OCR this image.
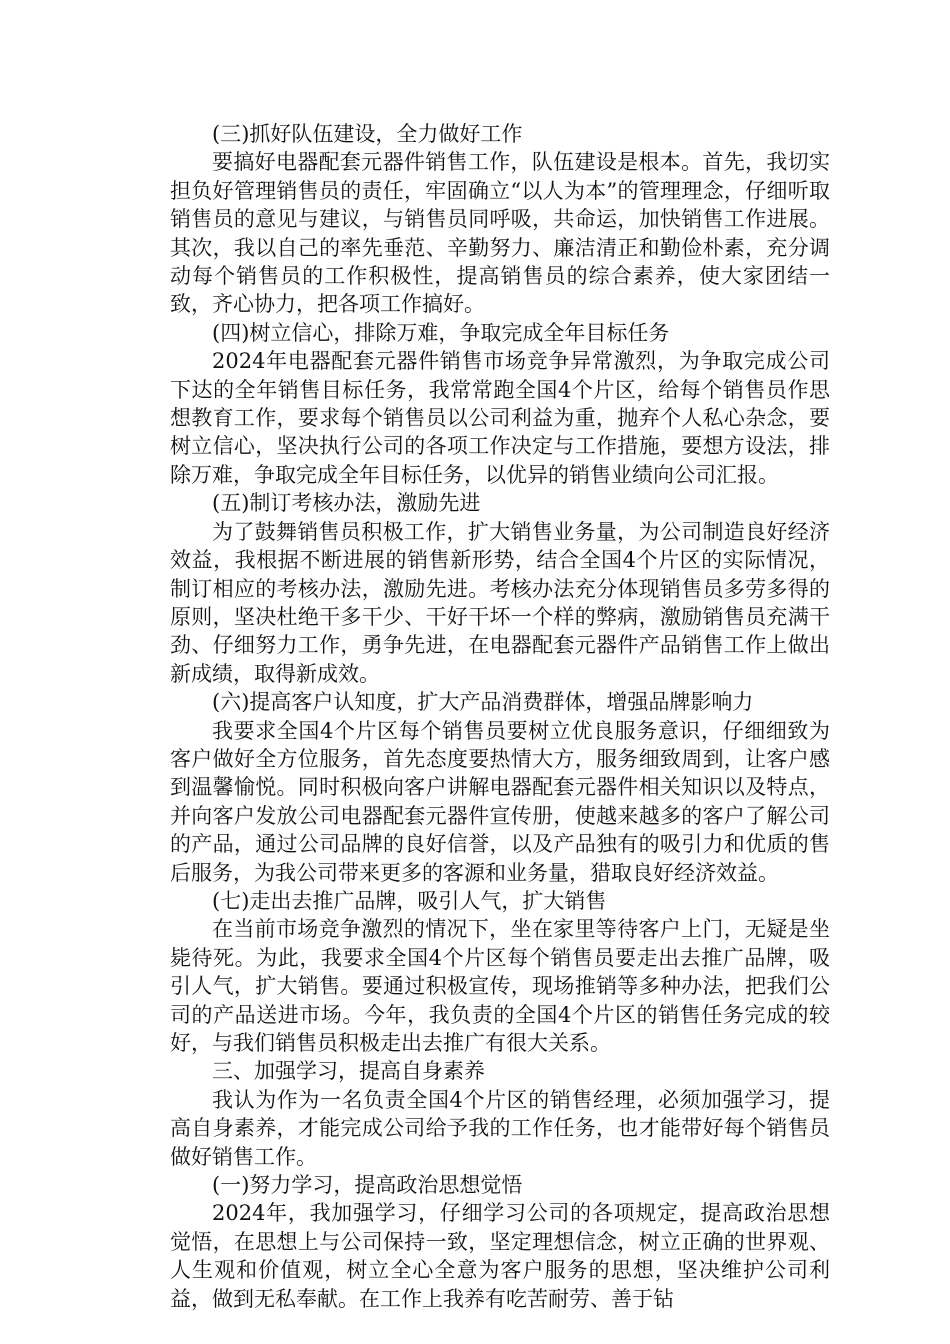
(三)抓好队伍建设，全力做好工作

要搞好电器配套元器件销售工作，队伍建设是根本。首先，我切实担负好管理销售员的责任，牢固确立“以人为本”的管理理念，仔细听取销售员的意见与建议，与销售员同呼吸，共命运，加快销售工作进展。其次，我以自己的率先垂范、辛勤努力、廉洁清正和勤俭朴素，充分调动每个销售员的工作积极性，提高销售员的综合素养，使大家团结一致，齐心协力，把各项工作搞好。

(四)树立信心，排除万难，争取完成全年目标任务

2024年电器配套元器件销售市场竞争异常激烈，为争取完成公司下达的全年销售目标任务，我常常跑全国4个片区，给每个销售员作思想教育工作，要求每个销售员以公司利益为重，抛弃个人私心杂念，要树立信心，坚决执行公司的各项工作决定与工作措施，要想方设法，排除万难，争取完成全年目标任务，以优异的销售业绩向公司汇报。

(五)制订考核办法，激励先进

为了鼓舞销售员积极工作，扩大销售业务量，为公司制造良好经济效益，我根据不断进展的销售新形势，结合全国4个片区的实际情况，制订相应的考核办法，激励先进。考核办法充分体现销售员多劳多得的原则，坚决杜绝干多干少、干好干坏一个样的弊病，激励销售员充满干劲、仔细努力工作，勇争先进，在电器配套元器件产品销售工作上做出新成绩，取得新成效。

(六)提高客户认知度，扩大产品消费群体，增强品牌影响力

我要求全国4个片区每个销售员要树立优良服务意识，仔细细致为客户做好全方位服务，首先态度要热情大方，服务细致周到，让客户感到温馨愉悦。同时积极向客户讲解电器配套元器件相关知识以及特点，并向客户发放公司电器配套元器件宣传册，使越来越多的客户了解公司的产品，通过公司品牌的良好信誉，以及产品独有的吸引力和优质的售后服务，为我公司带来更多的客源和业务量，猎取良好经济效益。

(七)走出去推广品牌，吸引人气，扩大销售

在当前市场竞争激烈的情况下，坐在家里等待客户上门，无疑是坐毙待死。为此，我要求全国4个片区每个销售员要走出去推广品牌，吸引人气，扩大销售。要通过积极宣传，现场推销等多种办法，把我们公司的产品送进市场。今年，我负责的全国4个片区的销售任务完成的较好，与我们销售员积极走出去推广有很大关系。

三、加强学习，提高自身素养

我认为作为一名负责全国4个片区的销售经理，必须加强学习，提高自身素养，才能完成公司给予我的工作任务，也才能带好每个销售员做好销售工作。

(一)努力学习，提高政治思想觉悟

2024年，我加强学习，仔细学习公司的各项规定，提高政治思想觉悟，在思想上与公司保持一致，坚定理想信念，树立正确的世界观、人生观和价值观，树立全心全意为客户服务的思想，坚决维护公司利益，做到无私奉献。在工作上我养有吃苦耐劳、善于钻
